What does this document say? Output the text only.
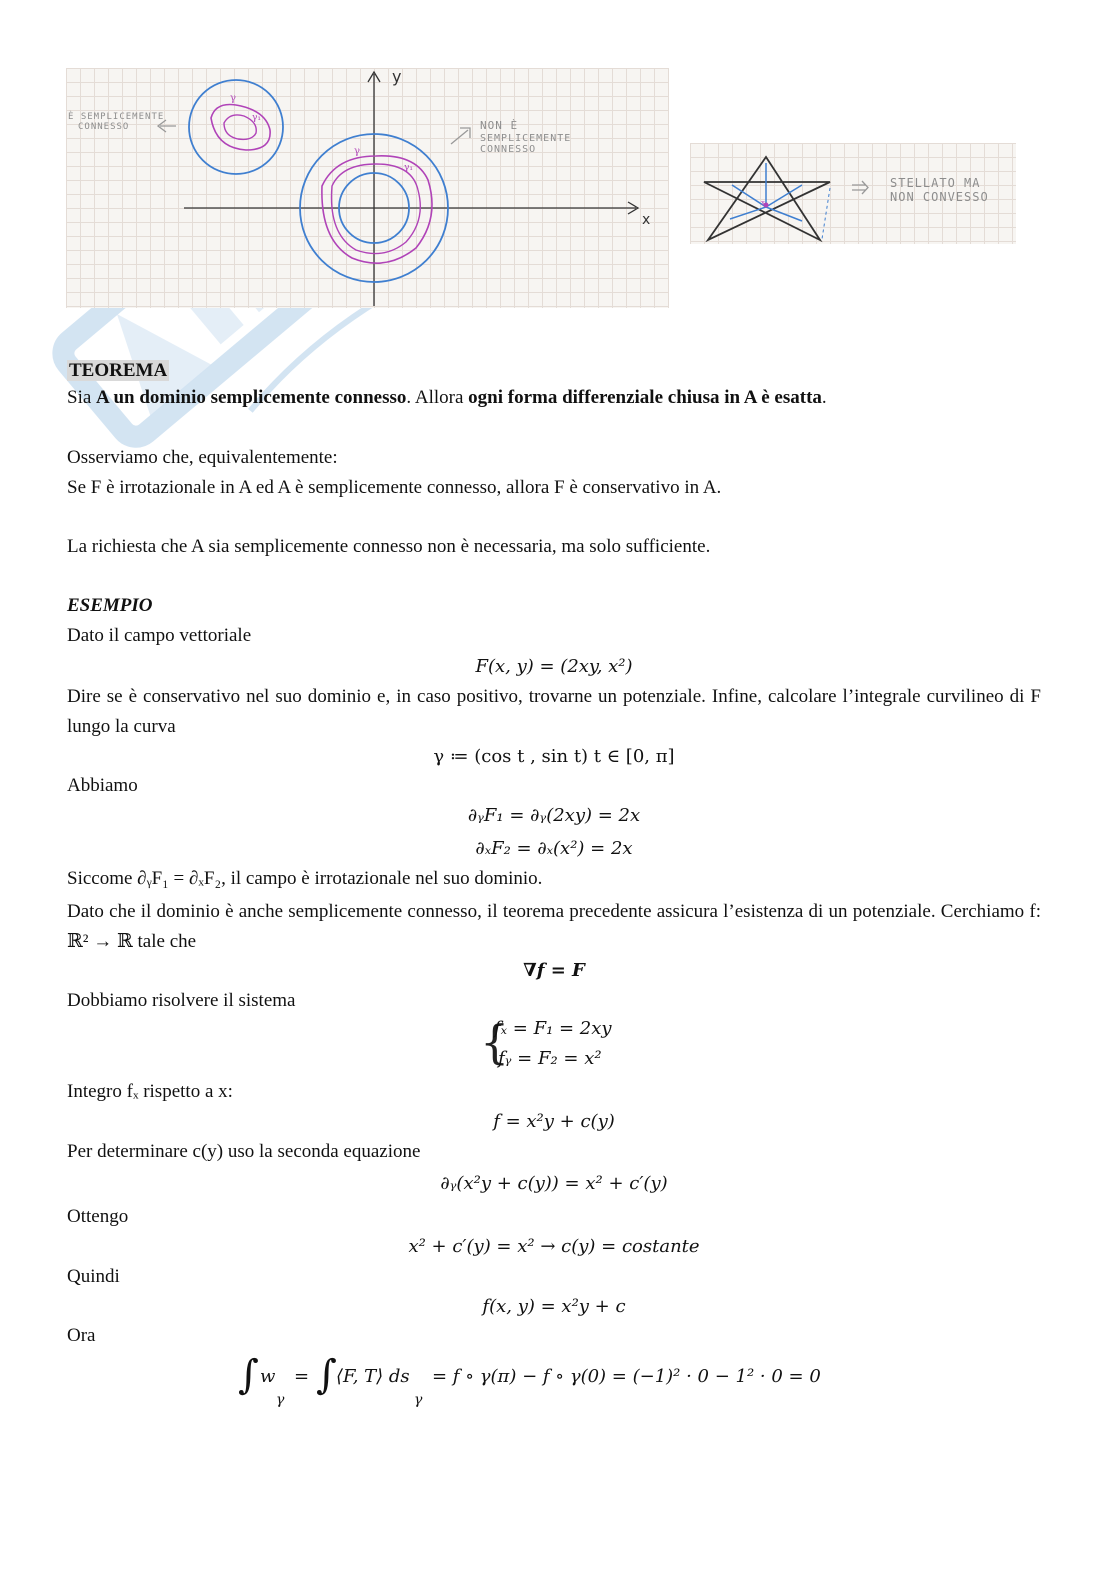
x
y
γ
γ₁
γ
γ₁
È SEMPLICEMENTE
CONNESSO	NON È
SEMPLICEMENTE
CONNESSO
x₀
STELLATO MA
NON CONVESSO
TEOREMA
Sia A un dominio semplicemente connesso. Allora ogni forma differenziale chiusa in A è esatta.
Osserviamo che, equivalentemente:
Se F è irrotazionale in A ed A è semplicemente connesso, allora F è conservativo in A.
La richiesta che A sia semplicemente connesso non è necessaria, ma solo sufficiente.
ESEMPIO
Dato il campo vettoriale
F(x, y) = (2xy, x²)
Dire se è conservativo nel suo dominio e, in caso positivo, trovarne un potenziale. Infine, calcolare l’integrale curvilineo di F lungo la curva
γ ≔ (cos t , sin t) t ∈ [0, π]
Abbiamo
∂ᵧF₁ = ∂ᵧ(2xy) = 2x
∂ₓF₂ = ∂ₓ(x²) = 2x
Siccome ∂ᵧF₁ = ∂ₓF₂, il campo è irrotazionale nel suo dominio.
Dato che il dominio è anche semplicemente connesso, il teorema precedente assicura l’esistenza di un potenziale. Cerchiamo f: ℝ² → ℝ tale che
∇f = F
Dobbiamo risolvere il sistema
{
fₓ = F₁ = 2xy
fᵧ = F₂ = x²
Integro fₓ rispetto a x:
f = x²y + c(y)
Per determinare c(y) uso la seconda equazione
∂ᵧ(x²y + c(y)) = x² + c′(y)
Ottengo
x² + c′(y) = x² → c(y) = costante
Quindi
f(x, y) = x²y + c
Ora
∫ w
γ
= ∫ ⟨F, T⟩ ds
γ
= f ∘ γ(π) − f ∘ γ(0) = (−1)² · 0 − 1² · 0 = 0
